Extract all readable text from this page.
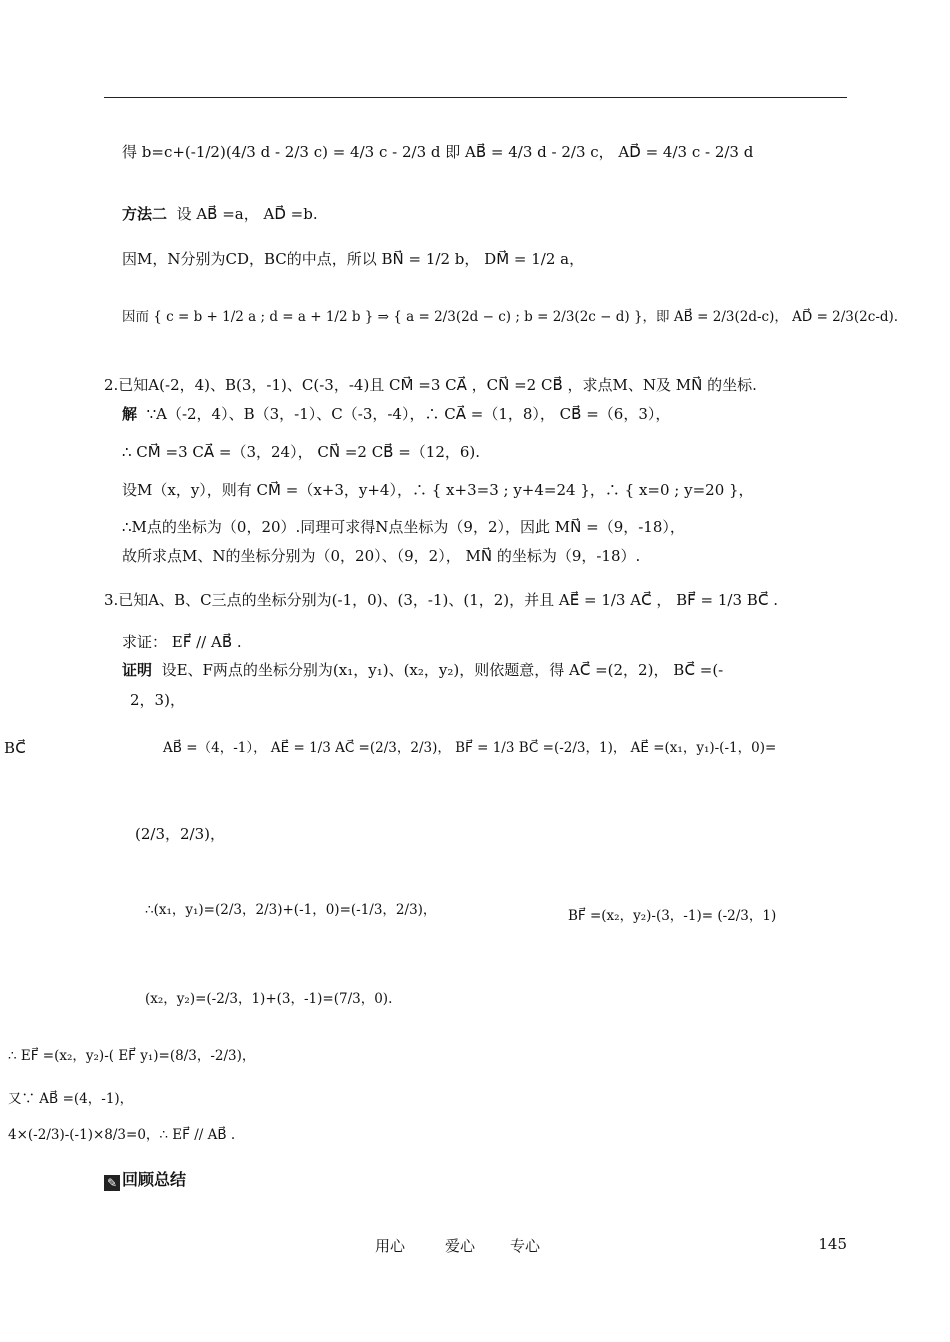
得 b=c+(-1/2)(4/3 d - 2/3 c) = 4/3 c - 2/3 d 即 AB⃗ = 4/3 d - 2/3 c， AD⃗ = 4/3 c - 2/3 d
方法二 设 AB⃗ =a， AD⃗ =b.
因M，N分别为CD，BC的中点，所以 BN⃗ = 1/2 b， DM⃗ = 1/2 a，
因而 { c = b + 1/2 a ; d = a + 1/2 b } ⇒ { a = 2/3(2d − c) ; b = 2/3(2c − d) }，即 AB⃗ = 2/3(2d-c)， AD⃗ = 2/3(2c-d).
2.已知A(-2，4)、B(3，-1)、C(-3，-4)且 CM⃗ =3 CA⃗ ，CN⃗ =2 CB⃗ ，求点M、N及 MN⃗ 的坐标.
解 ∵A（-2，4）、B（3，-1）、C（-3，-4），∴ CA⃗ =（1，8）， CB⃗ =（6，3），
∴ CM⃗ =3 CA⃗ =（3，24）， CN⃗ =2 CB⃗ =（12，6).
设M（x，y），则有 CM⃗ =（x+3，y+4），∴ { x+3=3 ; y+4=24 }，∴ { x=0 ; y=20 }，
∴M点的坐标为（0，20）.同理可求得N点坐标为（9，2），因此 MN⃗ =（9，-18），
故所求点M、N的坐标分别为（0，20）、（9，2）， MN⃗ 的坐标为（9，-18）.
3.已知A、B、C三点的坐标分别为(-1，0)、(3，-1)、(1，2)，并且 AE⃗ = 1/3 AC⃗ ， BF⃗ = 1/3 BC⃗ .
求证： EF⃗ // AB⃗ .
证明 设E、F两点的坐标分别为(x₁，y₁)、(x₂，y₂)，则依题意，得 AC⃗ =(2，2)， BC⃗ =(-
2，3)，
BC⃗	AB⃗ =（4，-1）， AE⃗ = 1/3 AC⃗ =(2/3，2/3)， BF⃗ = 1/3 BC⃗ =(-2/3，1)， AE⃗ =(x₁，y₁)-(-1，0)=
(2/3，2/3)，
∴(x₁，y₁)=(2/3，2/3)+(-1，0)=(-1/3，2/3)，	BF⃗ =(x₂，y₂)-(3，-1)= (-2/3，1)
(x₂，y₂)=(-2/3，1)+(3，-1)=(7/3，0).
∴ EF⃗ =(x₂，y₂)-( EF⃗ y₁)=(8/3，-2/3)，
又∵ AB⃗ =(4，-1)，
4×(-2/3)-(-1)×8/3=0，∴ EF⃗ // AB⃗ .
✎ 回顾总结
用心	爱心 专心	145
